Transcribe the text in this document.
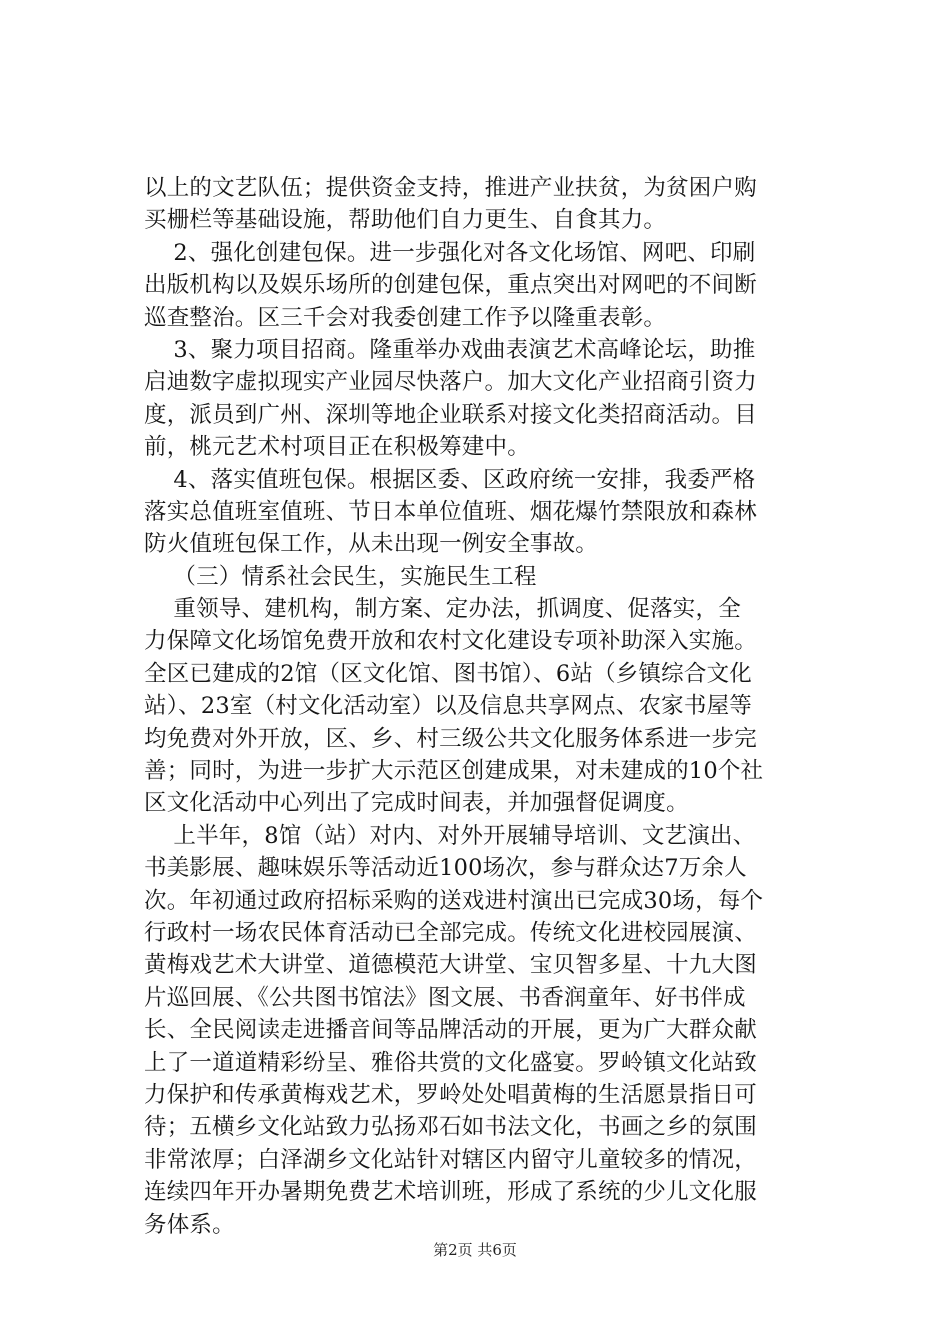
以上的文艺队伍；提供资金支持，推进产业扶贫，为贫困户购
买栅栏等基础设施，帮助他们自力更生、自食其力。
2、强化创建包保。进一步强化对各文化场馆、网吧、印刷
出版机构以及娱乐场所的创建包保，重点突出对网吧的不间断
巡查整治。区三千会对我委创建工作予以隆重表彰。
3、聚力项目招商。隆重举办戏曲表演艺术高峰论坛，助推
启迪数字虚拟现实产业园尽快落户。加大文化产业招商引资力
度，派员到广州、深圳等地企业联系对接文化类招商活动。目
前，桃元艺术村项目正在积极筹建中。
4、落实值班包保。根据区委、区政府统一安排，我委严格
落实总值班室值班、节日本单位值班、烟花爆竹禁限放和森林
防火值班包保工作，从未出现一例安全事故。
（三）情系社会民生，实施民生工程
重领导、建机构，制方案、定办法，抓调度、促落实，全
力保障文化场馆免费开放和农村文化建设专项补助深入实施。
全区已建成的2馆（区文化馆、图书馆）、6站（乡镇综合文化
站）、23室（村文化活动室）以及信息共享网点、农家书屋等
均免费对外开放，区、乡、村三级公共文化服务体系进一步完
善；同时，为进一步扩大示范区创建成果，对未建成的10个社
区文化活动中心列出了完成时间表，并加强督促调度。
上半年，8馆（站）对内、对外开展辅导培训、文艺演出、
书美影展、趣味娱乐等活动近100场次，参与群众达7万余人
次。年初通过政府招标采购的送戏进村演出已完成30场，每个
行政村一场农民体育活动已全部完成。传统文化进校园展演、
黄梅戏艺术大讲堂、道德模范大讲堂、宝贝智多星、十九大图
片巡回展、《公共图书馆法》图文展、书香润童年、好书伴成
长、全民阅读走进播音间等品牌活动的开展，更为广大群众献
上了一道道精彩纷呈、雅俗共赏的文化盛宴。罗岭镇文化站致
力保护和传承黄梅戏艺术，罗岭处处唱黄梅的生活愿景指日可
待；五横乡文化站致力弘扬邓石如书法文化，书画之乡的氛围
非常浓厚；白泽湖乡文化站针对辖区内留守儿童较多的情况，
连续四年开办暑期免费艺术培训班，形成了系统的少儿文化服
务体系。
第2页 共6页
